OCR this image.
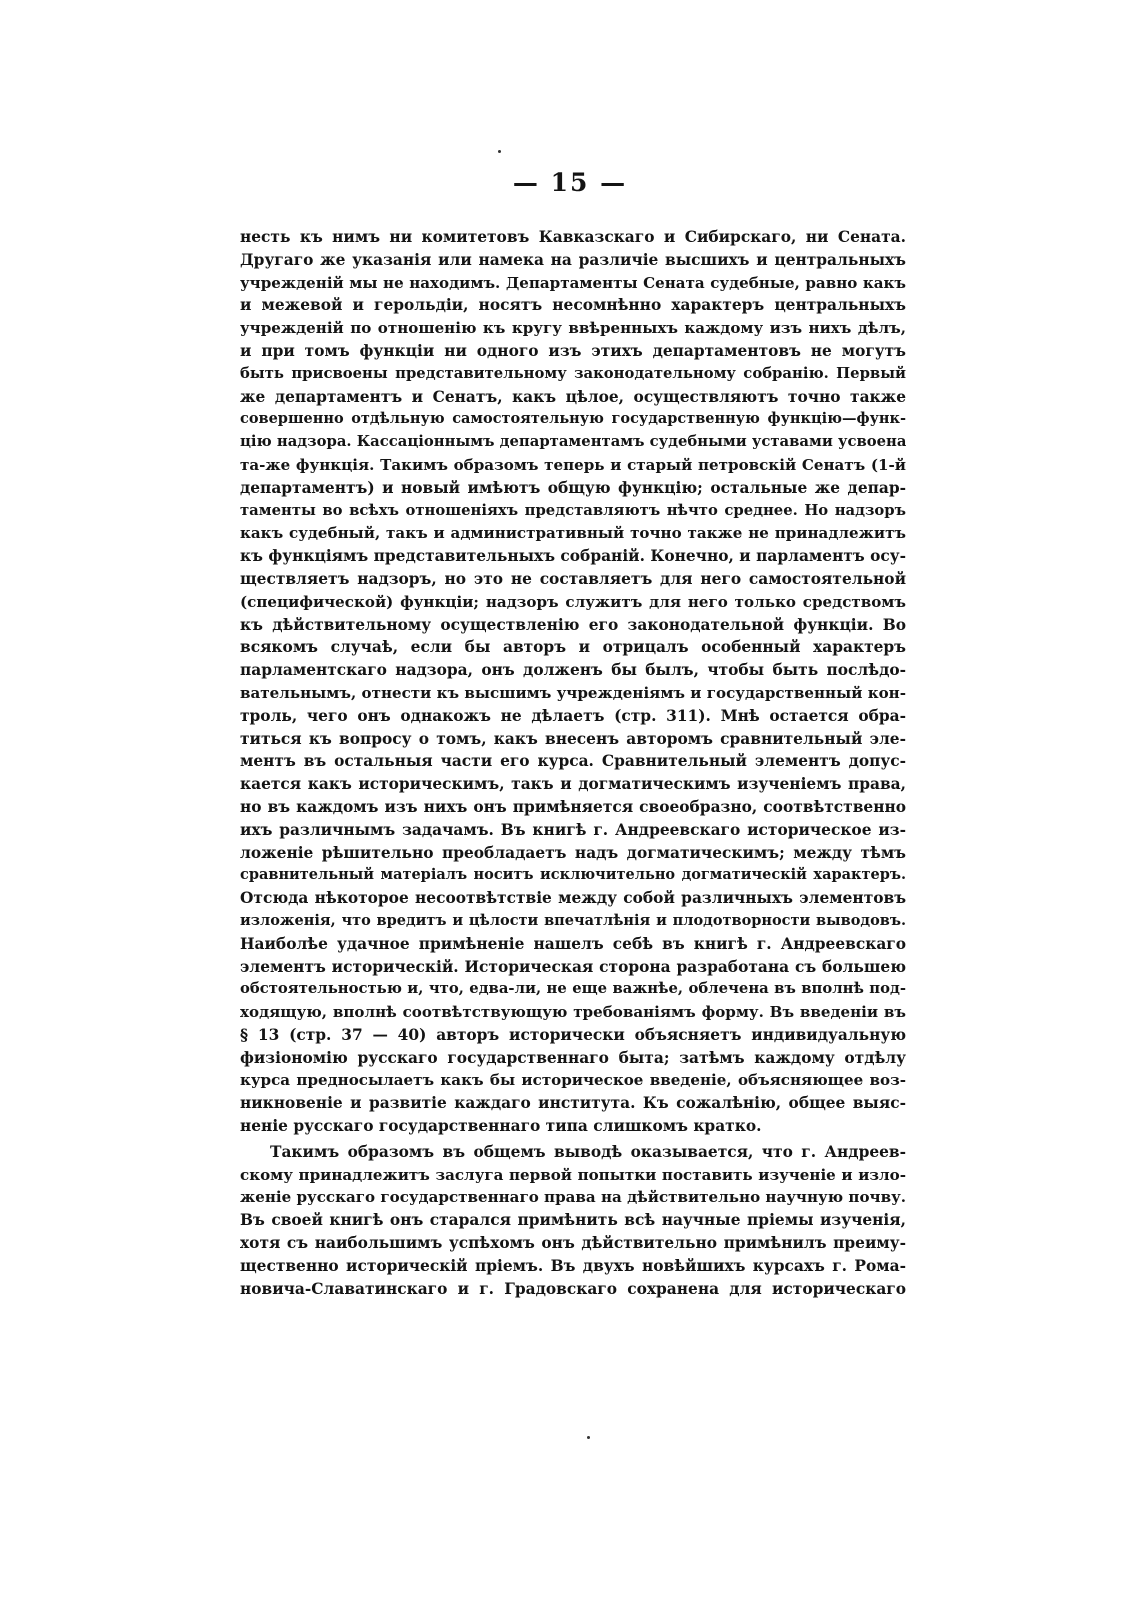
— 15 —
несть къ нимъ ни комитетовъ Кавказскаго и Сибирскаго, ни Сената.
Другаго же указанія или намека на различіе высшихъ и центральныхъ
учрежденій мы не находимъ. Департаменты Сената судебные, равно какъ
и межевой и герольдіи, носятъ несомнѣнно характеръ центральныхъ
учрежденій по отношенію къ кругу ввѣренныхъ каждому изъ нихъ дѣлъ,
и при томъ функціи ни одного изъ этихъ департаментовъ не могутъ
быть присвоены представительному законодательному собранію. Первый
же департаментъ и Сенатъ, какъ цѣлое, осуществляютъ точно также
совершенно отдѣльную самостоятельную государственную функцію—функ-
цію надзора. Кассаціоннымъ департаментамъ судебными уставами усвоена
та-же функція. Такимъ образомъ теперь и старый петровскій Сенатъ (1-й
департаментъ) и новый имѣютъ общую функцію; остальные же депар-
таменты во всѣхъ отношеніяхъ представляютъ нѣчто среднее. Но надзоръ
какъ судебный, такъ и административный точно также не принадлежитъ
къ функціямъ представительныхъ собраній. Конечно, и парламентъ осу-
ществляетъ надзоръ, но это не составляетъ для него самостоятельной
(специфической) функціи; надзоръ служитъ для него только средствомъ
къ дѣйствительному осуществленію его законодательной функціи. Во
всякомъ случаѣ, если бы авторъ и отрицалъ особенный характеръ
парламентскаго надзора, онъ долженъ бы былъ, чтобы быть послѣдо-
вательнымъ, отнести къ высшимъ учрежденіямъ и государственный кон-
троль, чего онъ однакожъ не дѣлаетъ (стр. 311). Мнѣ остается обра-
титься къ вопросу о томъ, какъ внесенъ авторомъ сравнительный эле-
ментъ въ остальныя части его курса. Сравнительный элементъ допус-
кается какъ историческимъ, такъ и догматическимъ изученіемъ права,
но въ каждомъ изъ нихъ онъ примѣняется своеобразно, соотвѣтственно
ихъ различнымъ задачамъ. Въ книгѣ г. Андреевскаго историческое из-
ложеніе рѣшительно преобладаетъ надъ догматическимъ; между тѣмъ
сравнительный матеріалъ носитъ исключительно догматическій характеръ.
Отсюда нѣкоторое несоотвѣтствіе между собой различныхъ элементовъ
изложенія, что вредитъ и цѣлости впечатлѣнія и плодотворности выводовъ.
Наиболѣе удачное примѣненіе нашелъ себѣ въ книгѣ г. Андреевскаго
элементъ историческій. Историческая сторона разработана съ большею
обстоятельностью и, что, едва-ли, не еще важнѣе, облечена въ вполнѣ под-
ходящую, вполнѣ соотвѣтствующую требованіямъ форму. Въ введеніи въ
§ 13 (стр. 37 — 40) авторъ исторически объясняетъ индивидуальную
физіономію русскаго государственнаго быта; затѣмъ каждому отдѣлу
курса предносылаетъ какъ бы историческое введеніе, объясняющее воз-
никновеніе и развитіе каждаго института. Къ сожалѣнію, общее выяс-
неніе русскаго государственнаго типа слишкомъ кратко.
Такимъ образомъ въ общемъ выводѣ оказывается, что г. Андреев-
скому принадлежитъ заслуга первой попытки поставить изученіе и изло-
женіе русскаго государственнаго права на дѣйствительно научную почву.
Въ своей книгѣ онъ старался примѣнить всѣ научные пріемы изученія,
хотя съ наибольшимъ успѣхомъ онъ дѣйствительно примѣнилъ преиму-
щественно историческій пріемъ. Въ двухъ новѣйшихъ курсахъ г. Рома-
новича-Славатинскаго и г. Градовскаго сохранена для историческаго
